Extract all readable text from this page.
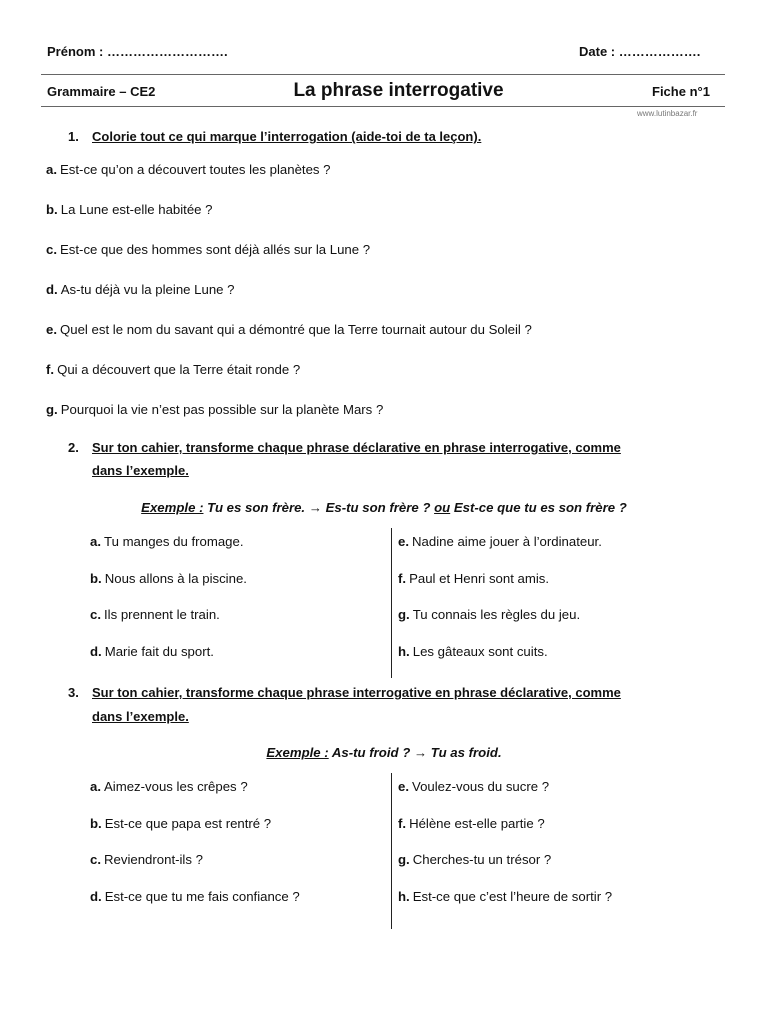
Prénom : ……………………….	Date : ……………….
Grammaire – CE2	La phrase interrogative	Fiche n°1
www.lutinbazar.fr
1. Colorie tout ce qui marque l’interrogation (aide-toi de ta leçon).
a. Est-ce qu’on a découvert toutes les planètes ?
b. La Lune est-elle habitée ?
c. Est-ce que des hommes sont déjà allés sur la Lune ?
d. As-tu déjà vu la pleine Lune ?
e. Quel est le nom du savant qui a démontré que la Terre tournait autour du Soleil ?
f. Qui a découvert que la Terre était ronde ?
g. Pourquoi la vie n’est pas possible sur la planète Mars ?
2. Sur ton cahier, transforme chaque phrase déclarative en phrase interrogative, comme
dans l’exemple.
Exemple : Tu es son frère. → Es-tu son frère ? ou Est-ce que tu es son frère ?
a. Tu manges du fromage.
b. Nous allons à la piscine.
c. Ils prennent le train.
d. Marie fait du sport.
e. Nadine aime jouer à l’ordinateur.
f. Paul et Henri sont amis.
g. Tu connais les règles du jeu.
h. Les gâteaux sont cuits.
3. Sur ton cahier, transforme chaque phrase interrogative en phrase déclarative, comme
dans l’exemple.
Exemple : As-tu froid ? → Tu as froid.
a. Aimez-vous les crêpes ?
b. Est-ce que papa est rentré ?
c. Reviendront-ils ?
d. Est-ce que tu me fais confiance ?
e. Voulez-vous du sucre ?
f. Hélène est-elle partie ?
g. Cherches-tu un trésor ?
h. Est-ce que c’est l’heure de sortir ?
